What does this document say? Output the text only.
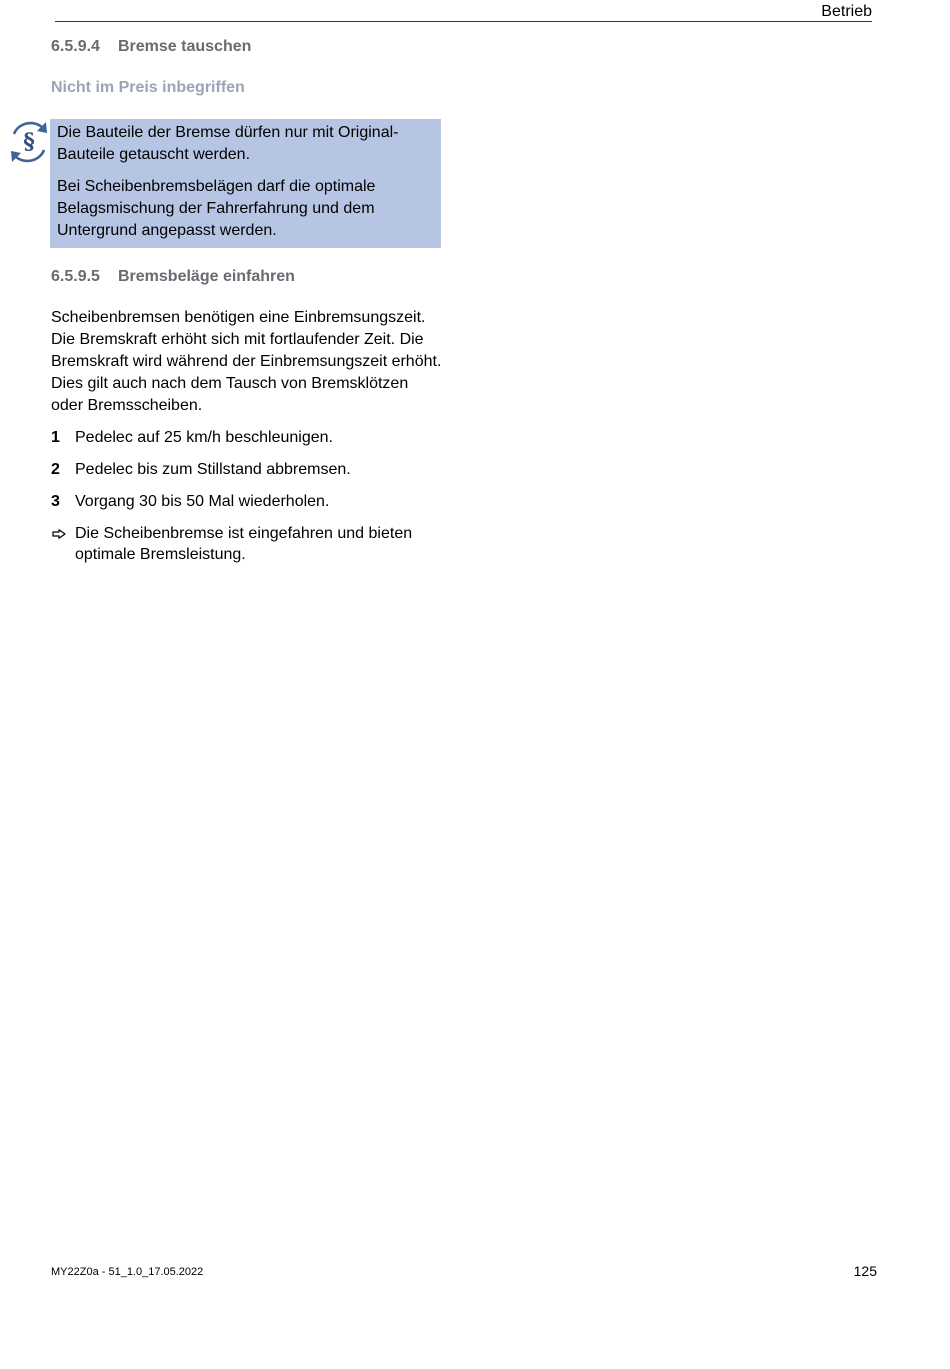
Betrieb
§
6.5.9.4 Bremse tauschen
Nicht im Preis inbegriffen

Die Bauteile der Bremse dürfen nur mit Original-Bauteile getauscht werden.

Bei Scheibenbremsbelägen darf die optimale Belagsmischung der Fahrerfahrung und dem Untergrund angepasst werden.

6.5.9.5 Bremsbeläge einfahren

Scheibenbremsen benötigen eine Einbremsungszeit. Die Bremskraft erhöht sich mit fortlaufender Zeit. Die Bremskraft wird während der Einbremsungszeit erhöht. Dies gilt auch nach dem Tausch von Bremsklötzen oder Bremsscheiben.

1 Pedelec auf 25 km/h beschleunigen.
2 Pedelec bis zum Stillstand abbremsen.
3 Vorgang 30 bis 50 Mal wiederholen.
Die Scheibenbremse ist eingefahren und bieten optimale Bremsleistung.
MY22Z0a - 51_1.0_17.05.2022	125
